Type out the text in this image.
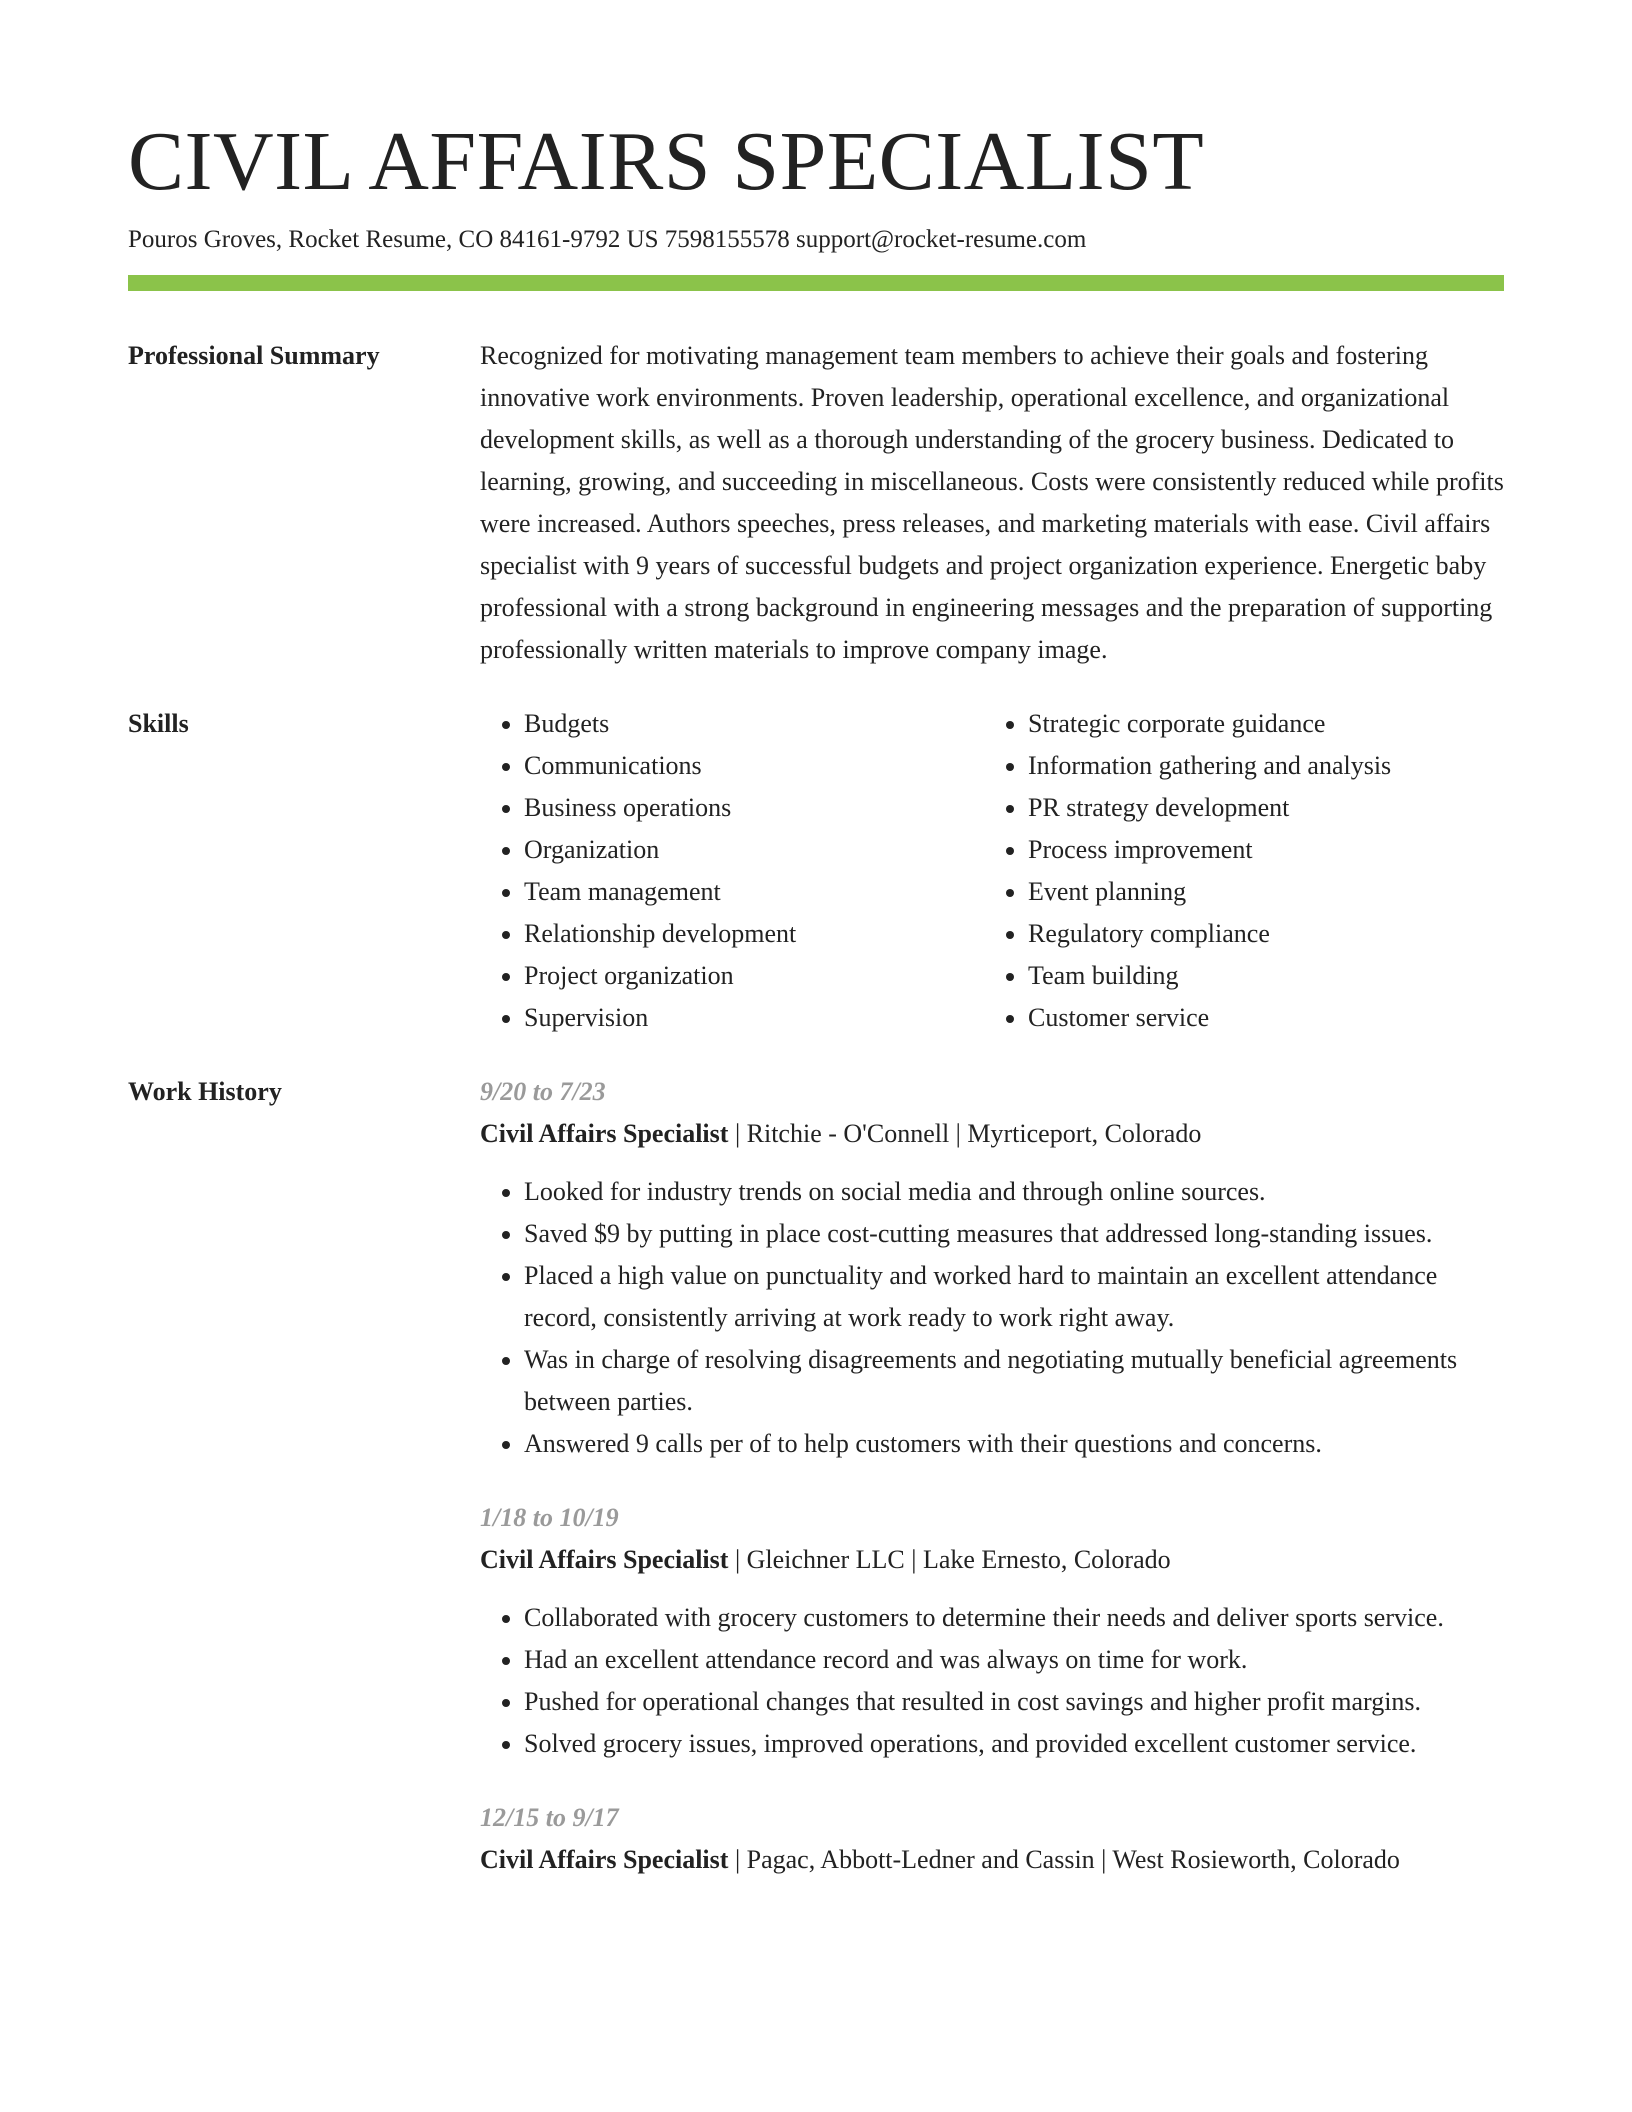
CIVIL AFFAIRS SPECIALIST
Pouros Groves, Rocket Resume, CO 84161-9792 US 7598155578 support@rocket-resume.com
Professional Summary	Recognized for motivating management team members to achieve their goals and fostering innovative work environments. Proven leadership, operational excellence, and organizational development skills, as well as a thorough understanding of the grocery business. Dedicated to learning, growing, and succeeding in miscellaneous. Costs were consistently reduced while profits were increased. Authors speeches, press releases, and marketing materials with ease. Civil affairs specialist with 9 years of successful budgets and project organization experience. Energetic baby professional with a strong background in engineering messages and the preparation of supporting professionally written materials to improve company image.
Skills
•	Budgets
• Communications
• Business operations
• Organization
• Team management
• Relationship development
• Project organization
• Supervision
• Strategic corporate guidance
• Information gathering and analysis
• PR strategy development
• Process improvement
• Event planning
• Regulatory compliance
• Team building
• Customer service
Work History	9/20 to 7/23
Civil Affairs Specialist | Ritchie - O'Connell | Myrticeport, Colorado
• Looked for industry trends on social media and through online sources.
• Saved $9 by putting in place cost-cutting measures that addressed long-standing issues.
• Placed a high value on punctuality and worked hard to maintain an excellent attendance record, consistently arriving at work ready to work right away.
• Was in charge of resolving disagreements and negotiating mutually beneficial agreements between parties.
• Answered 9 calls per of to help customers with their questions and concerns.
1/18 to 10/19
Civil Affairs Specialist | Gleichner LLC | Lake Ernesto, Colorado
• Collaborated with grocery customers to determine their needs and deliver sports service.
• Had an excellent attendance record and was always on time for work.
• Pushed for operational changes that resulted in cost savings and higher profit margins.
• Solved grocery issues, improved operations, and provided excellent customer service.
12/15 to 9/17
Civil Affairs Specialist | Pagac, Abbott-Ledner and Cassin | West Rosieworth, Colorado
